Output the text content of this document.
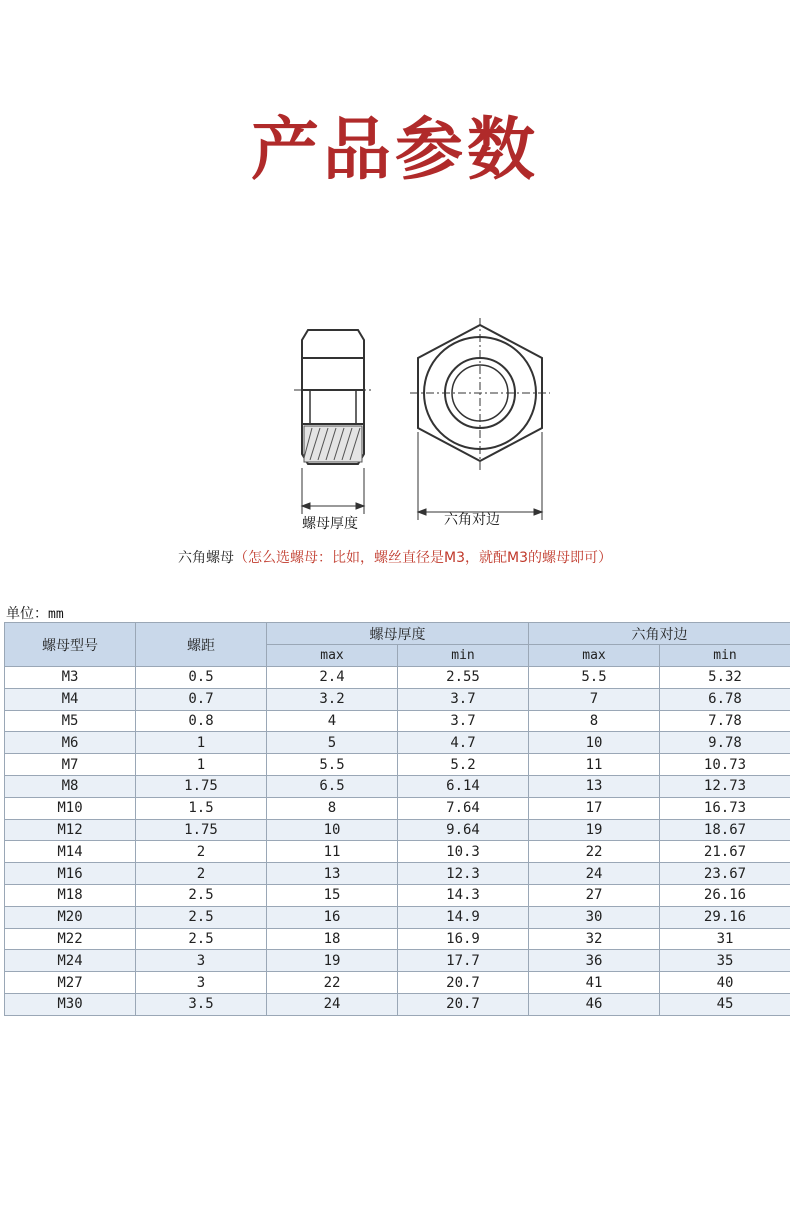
产品参数
螺母厚度	六角对边
六角螺母（怎么选螺母：比如，螺丝直径是M3，就配M3的螺母即可）
单位：mm
螺母型号	螺距	螺母厚度		六角对边	
		max	min	max	min
M3	0.5	2.4	2.55	5.5	5.32
M4	0.7	3.2	3.7	7	6.78
M5	0.8	4	3.7	8	7.78
M6	1	5	4.7	10	9.78
M7	1	5.5	5.2	11	10.73
M8	1.75	6.5	6.14	13	12.73
M10	1.5	8	7.64	17	16.73
M12	1.75	10	9.64	19	18.67
M14	2	11	10.3	22	21.67
M16	2	13	12.3	24	23.67
M18	2.5	15	14.3	27	26.16
M20	2.5	16	14.9	30	29.16
M22	2.5	18	16.9	32	31
M24	3	19	17.7	36	35
M27	3	22	20.7	41	40
M30	3.5	24	20.7	46	45
